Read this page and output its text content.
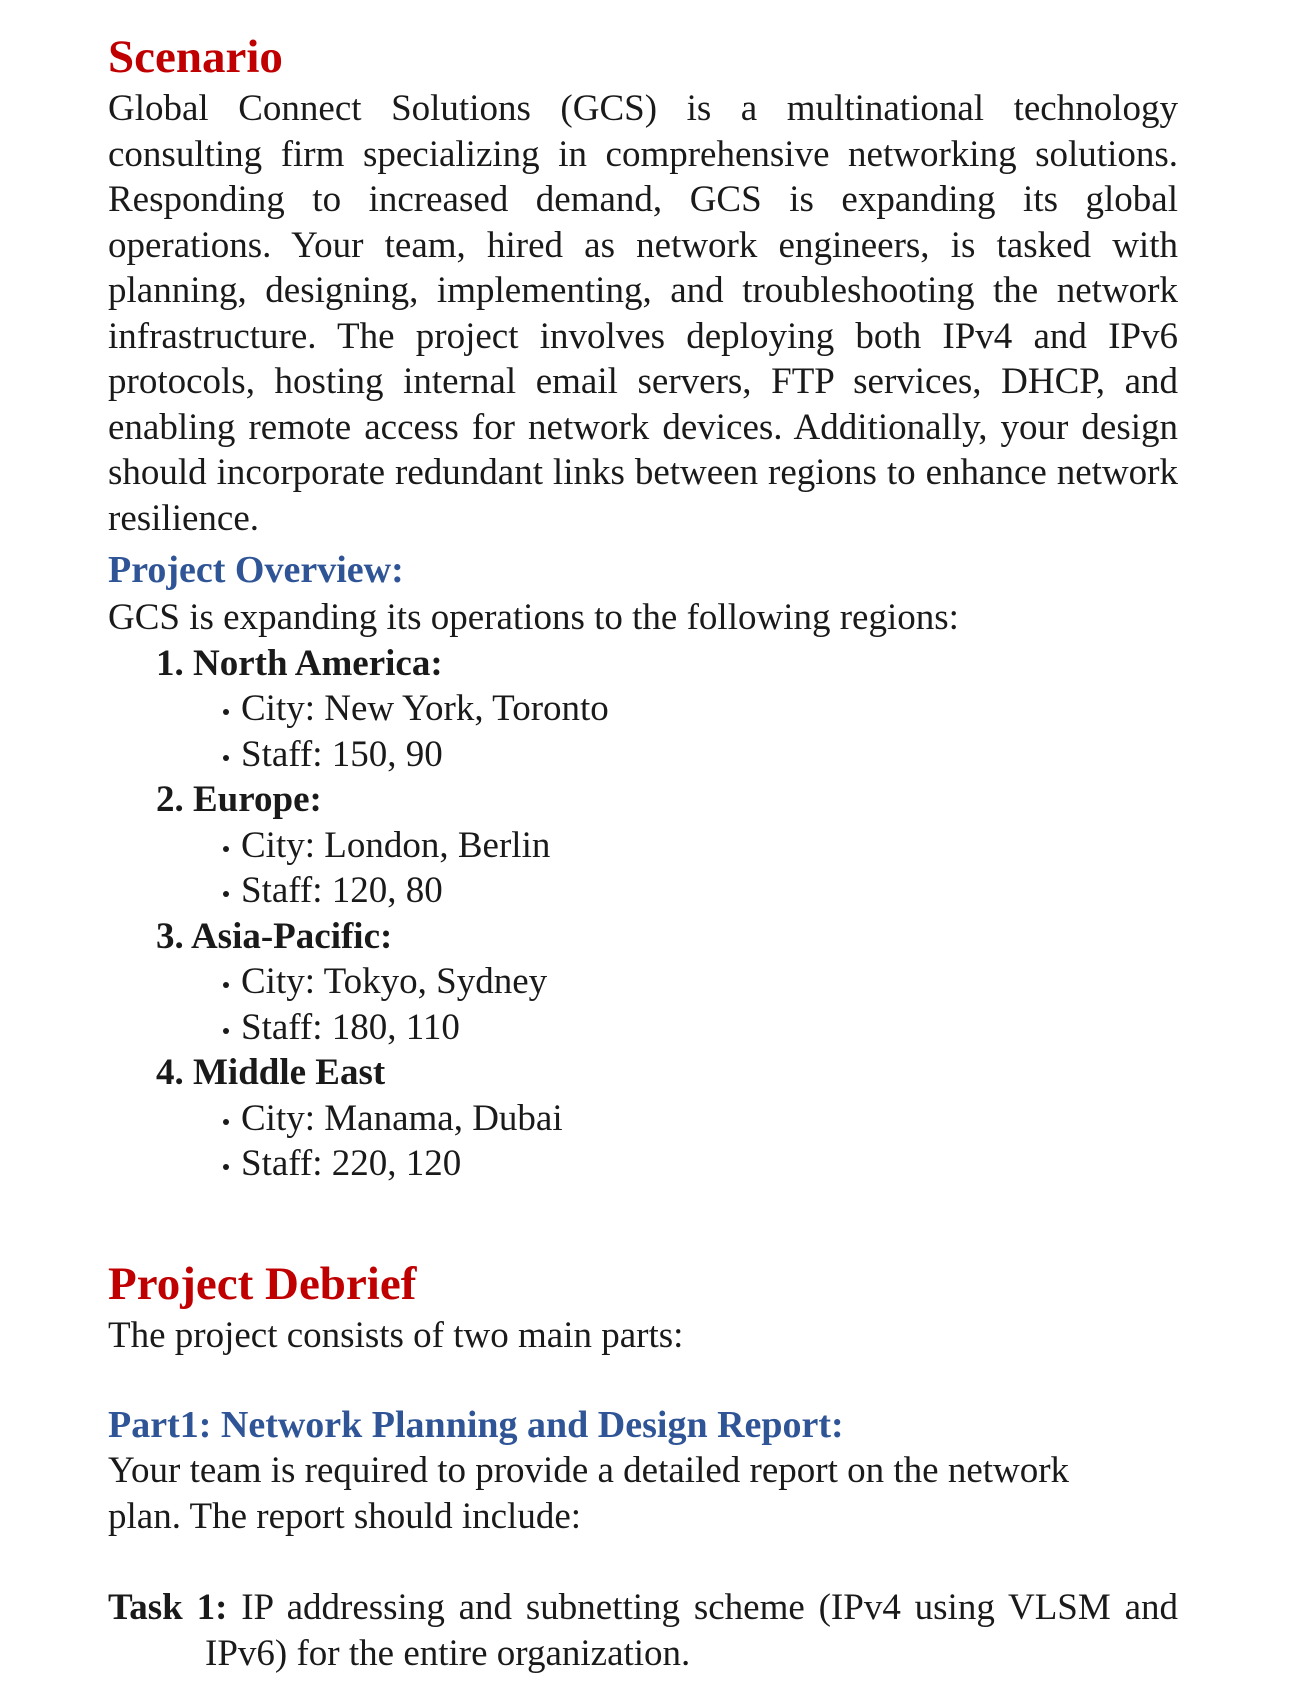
Scenario

Global Connect Solutions (GCS) is a multinational technology consulting firm specializing in comprehensive networking solutions. Responding to increased demand, GCS is expanding its global operations. Your team, hired as network engineers, is tasked with planning, designing, implementing, and troubleshooting the network infrastructure. The project involves deploying both IPv4 and IPv6 protocols, hosting internal email servers, FTP services, DHCP, and enabling remote access for network devices. Additionally, your design should incorporate redundant links between regions to enhance network resilience.

Project Overview:

GCS is expanding its operations to the following regions:

1. North America:
City: New York, Toronto
Staff: 150, 90
2. Europe:
City: London, Berlin
Staff: 120, 80
3. Asia-Pacific:
City: Tokyo, Sydney
Staff: 180, 110
4. Middle East
City: Manama, Dubai
Staff: 220, 120
Project Debrief

The project consists of two main parts:

Part1: Network Planning and Design Report:

Your team is required to provide a detailed report on the network plan. The report should include:

Task 1: IP addressing and subnetting scheme (IPv4 using VLSM and IPv6) for the entire organization.
